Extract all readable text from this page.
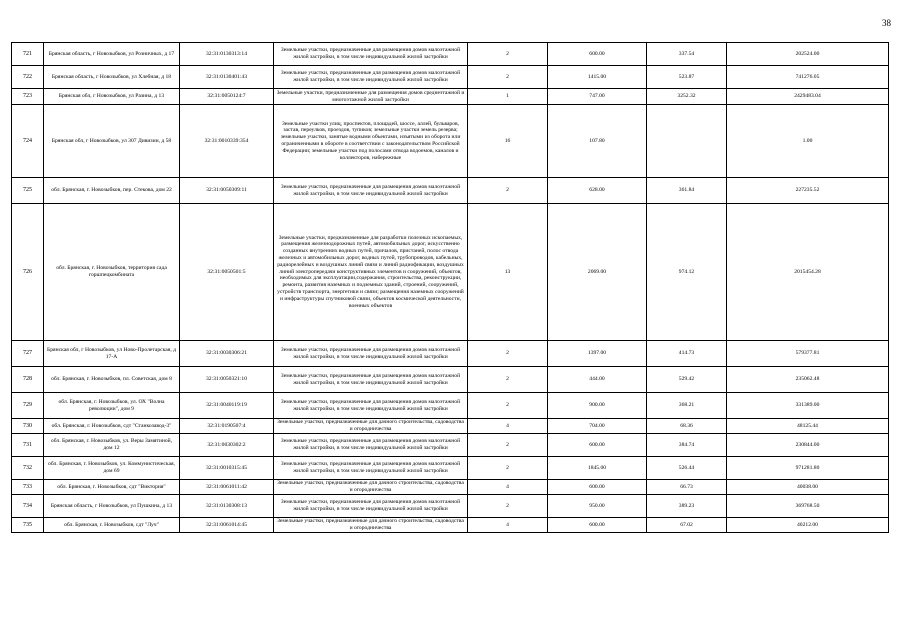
38
721	Брянская область, г Новозыбков, ул Розничных, д 17	32:31:0130313:14	Земельные участки, предназначенные для размещения домов малоэтажной жилой застройки, в том числе индивидуальной жилой застройки	2	600.00	337.54	202524.00
722	Брянская область, г Новозыбков, ул Хлебная, д 18	32:31:0130401:43	Земельные участки, предназначенные для размещения домов малоэтажной жилой застройки, в том числе индивидуальной жилой застройки	2	1415.00	523.87	741276.05
723	Брянская обл, г Новозыбков, ул Разина, д 13	32:31:0050124:7	Земельные участки, предназначенные для размещения домов среднеэтажной и многоэтажной жилой застройки	1	747.00	3252.32	2429483.04
724	Брянская обл, г Новозыбков, ул 307 Дивизии, д 58	32:31:0010339:354	Земельные участки улиц, проспектов, площадей, шоссе, аллей, бульваров, застав, переулков, проездов, тупиков; земельные участки земель резерва; земельные участки, занятые водными объектами, изъятыми из оборота или ограниченными в обороте в соответствии с законодательством Российской Федерации; земельные участки под полосами отвода водоемов, каналов и коллекторов, набережные	16	107.80		1.00
725	обл. Брянская, г. Новозыбков, пер. Стекова, дом 22	32:31:0050309:11	Земельные участки, предназначенные для размещения домов малоэтажной жилой застройки, в том числе индивидуальной жилой застройки	2	628.00	361.84	227235.52
726	обл. Брянская, г. Новозыбков, территория сада горшпецкомбината	32:31:0050501:5	Земельные участки, предназначенные для разработки полезных ископаемых, размещения железнодорожных путей, автомобильных дорог, искусственно созданных внутренних водных путей, причалов, пристаней, полос отвода железных и автомобильных дорог, водных путей, трубопроводов, кабельных, радиорелейных и воздушных линий связи и линий радиофикации, воздушных линий электропередачи конструктивных элементов и сооружений, объектов, необходимых для эксплуатации,содержания, строительства, реконструкции, ремонта, развития наземных и подземных зданий, строений, сооружений, устройств транспорта, энергетики и связи; размещения наземных сооружений и инфраструктуры спутниковой связи, объектов космической деятельности, военных объектов	13	2069.00	974.12	2015454.28
727	Брянская обл, г Новозыбков, ул Ново-Пролетарская, д 17-А	32:31:0030306:21	Земельные участки, предназначенные для размещения домов малоэтажной жилой застройки, в том числе индивидуальной жилой застройки	2	1397.00	414.73	579377.81
728	обл. Брянская, г. Новозыбков, пл. Советская, дом 8	32:31:0050321:10	Земельные участки, предназначенные для размещения домов малоэтажной жилой застройки, в том числе индивидуальной жилой застройки	2	444.00	529.42	235062.48
729	обл. Брянская, г. Новозыбков, ул. ОХ "Волна революции", дом 9	32:31:0040119:19	Земельные участки, предназначенные для размещения домов малоэтажной жилой застройки, в том числе индивидуальной жилой застройки	2	900.00	368.21	331389.00
730	обл. Брянская, г. Новозыбков, сдт "Станкозавод-3"	32:31:0190507:4	Земельные участки, предназначенные для дачного строительства, садоводства и огородничества	4	704.00	68.36	48125.44
731	обл. Брянская, г. Новозыбков, ул. Веры Замятиной, дом 12	32:31:0030302:2	Земельные участки, предназначенные для размещения домов малоэтажной жилой застройки, в том числе индивидуальной жилой застройки	2	600.00	384.74	230844.00
732	обл. Брянская, г. Новозыбков, ул. Коммунистическая, дом 69	32:31:0010315:45	Земельные участки, предназначенные для размещения домов малоэтажной жилой застройки, в том числе индивидуальной жилой застройки	2	1845.00	526.44	971281.80
733	обл. Брянская, г. Новозыбков, сдт "Виктория"	32:31:0061011:42	Земельные участки, предназначенные для дачного строительства, садоводства и огородничества	4	600.00	66.73	40038.00
734	Брянская область, г Новозыбков, ул Пушкина, д 13	32:31:0130308:13	Земельные участки, предназначенные для размещения домов малоэтажной жилой застройки, в том числе индивидуальной жилой застройки	2	950.00	389.23	369768.50
735	обл. Брянская, г. Новозыбков, сдт "Луч"	32:31:0061014:45	Земельные участки, предназначенные для дачного строительства, садоводства и огородничества	4	600.00	67.02	40212.00
